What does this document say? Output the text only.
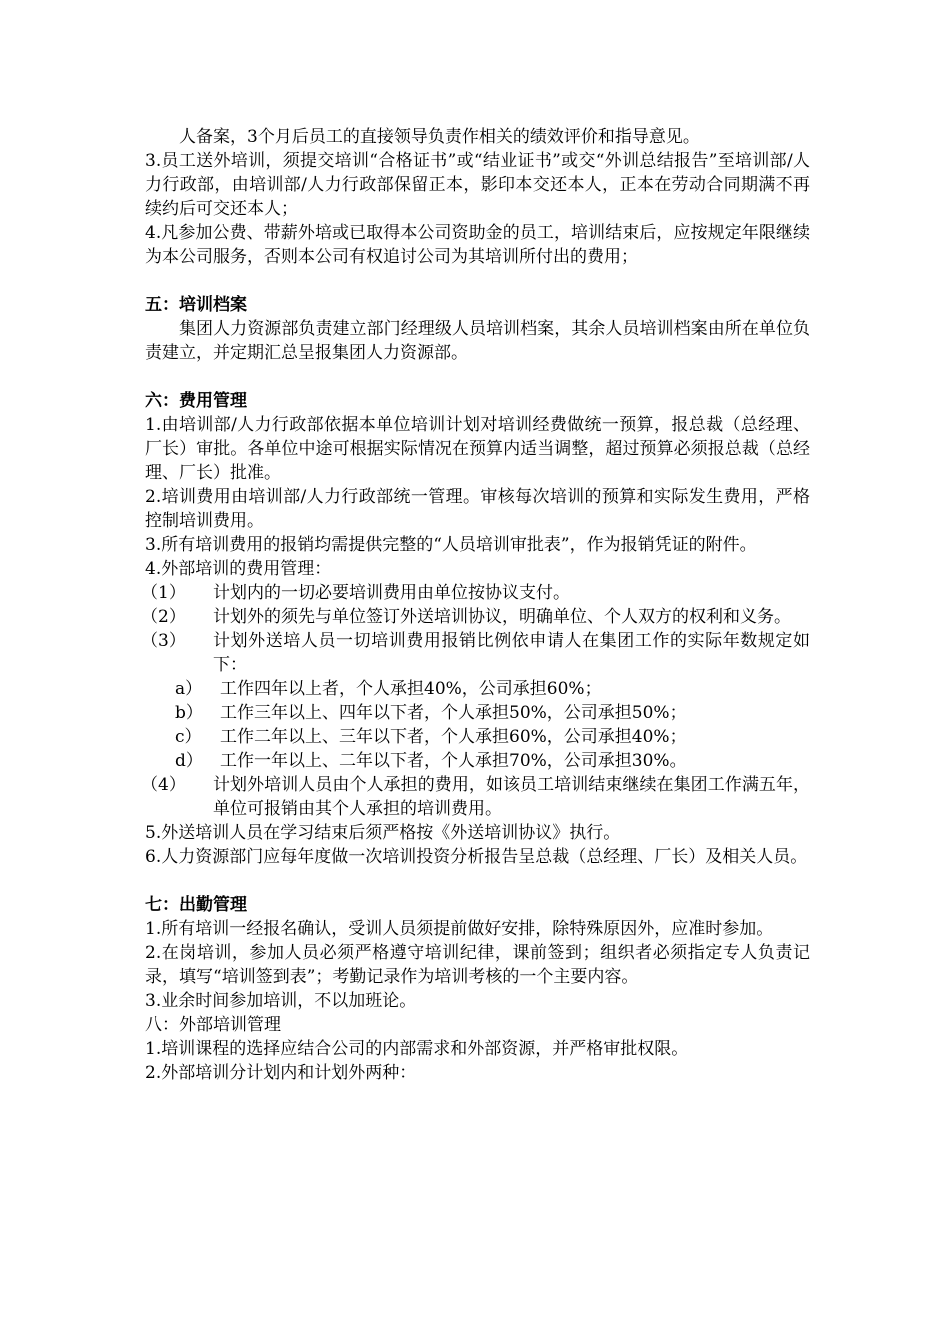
人备案，3个月后员工的直接领导负责作相关的绩效评价和指导意见。

3.员工送外培训，须提交培训“合格证书”或“结业证书”或交“外训总结报告”至培训部/人力行政部，由培训部/人力行政部保留正本，影印本交还本人，正本在劳动合同期满不再续约后可交还本人；

4.凡参加公费、带薪外培或已取得本公司资助金的员工，培训结束后，应按规定年限继续为本公司服务，否则本公司有权追讨公司为其培训所付出的费用；

五：培训档案

集团人力资源部负责建立部门经理级人员培训档案，其余人员培训档案由所在单位负责建立，并定期汇总呈报集团人力资源部。

六：费用管理

1.由培训部/人力行政部依据本单位培训计划对培训经费做统一预算，报总裁（总经理、厂长）审批。各单位中途可根据实际情况在预算内适当调整，超过预算必须报总裁（总经理、厂长）批准。

2.培训费用由培训部/人力行政部统一管理。审核每次培训的预算和实际发生费用，严格控制培训费用。

3.所有培训费用的报销均需提供完整的“人员培训审批表”，作为报销凭证的附件。

4.外部培训的费用管理：

（1）	计划内的一切必要培训费用由单位按协议支付。
（2）	计划外的须先与单位签订外送培训协议，明确单位、个人双方的权利和义务。
（3）	计划外送培人员一切培训费用报销比例依申请人在集团工作的实际年数规定如下：
a）	工作四年以上者，个人承担40%，公司承担60%；
b）	工作三年以上、四年以下者，个人承担50%，公司承担50%；
c）	工作二年以上、三年以下者，个人承担60%，公司承担40%；
d）	工作一年以上、二年以下者，个人承担70%，公司承担30%。
（4）	计划外培训人员由个人承担的费用，如该员工培训结束继续在集团工作满五年，单位可报销由其个人承担的培训费用。

5.外送培训人员在学习结束后须严格按《外送培训协议》执行。

6.人力资源部门应每年度做一次培训投资分析报告呈总裁（总经理、厂长）及相关人员。

七：出勤管理

1.所有培训一经报名确认，受训人员须提前做好安排，除特殊原因外，应准时参加。

2.在岗培训，参加人员必须严格遵守培训纪律，课前签到；组织者必须指定专人负责记录，填写“培训签到表”；考勤记录作为培训考核的一个主要内容。

3.业余时间参加培训，不以加班论。

八：外部培训管理

1.培训课程的选择应结合公司的内部需求和外部资源，并严格审批权限。

2.外部培训分计划内和计划外两种：
